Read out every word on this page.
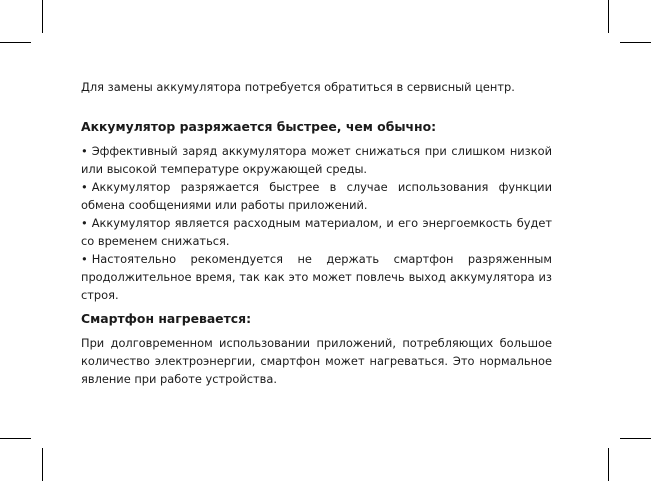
Для замены аккумулятора потребуется обратиться в сервисный центр.

Аккумулятор разряжается быстрее, чем обычно:
• Эффективный заряд аккумулятора может снижаться при слишком низкой или высокой температуре окружающей среды.
• Аккумулятор разряжается быстрее в случае использования функции обмена сообщениями или работы приложений.
• Аккумулятор является расходным материалом, и его энергоемкость будет со временем снижаться.
• Настоятельно рекомендуется не держать смартфон разряженным продолжительное время, так как это может повлечь выход аккумулятора из строя.
Смартфон нагревается:

При долговременном использовании приложений, потребляющих большое количество электроэнергии, смартфон может нагреваться. Это нормальное явление при работе устройства.
